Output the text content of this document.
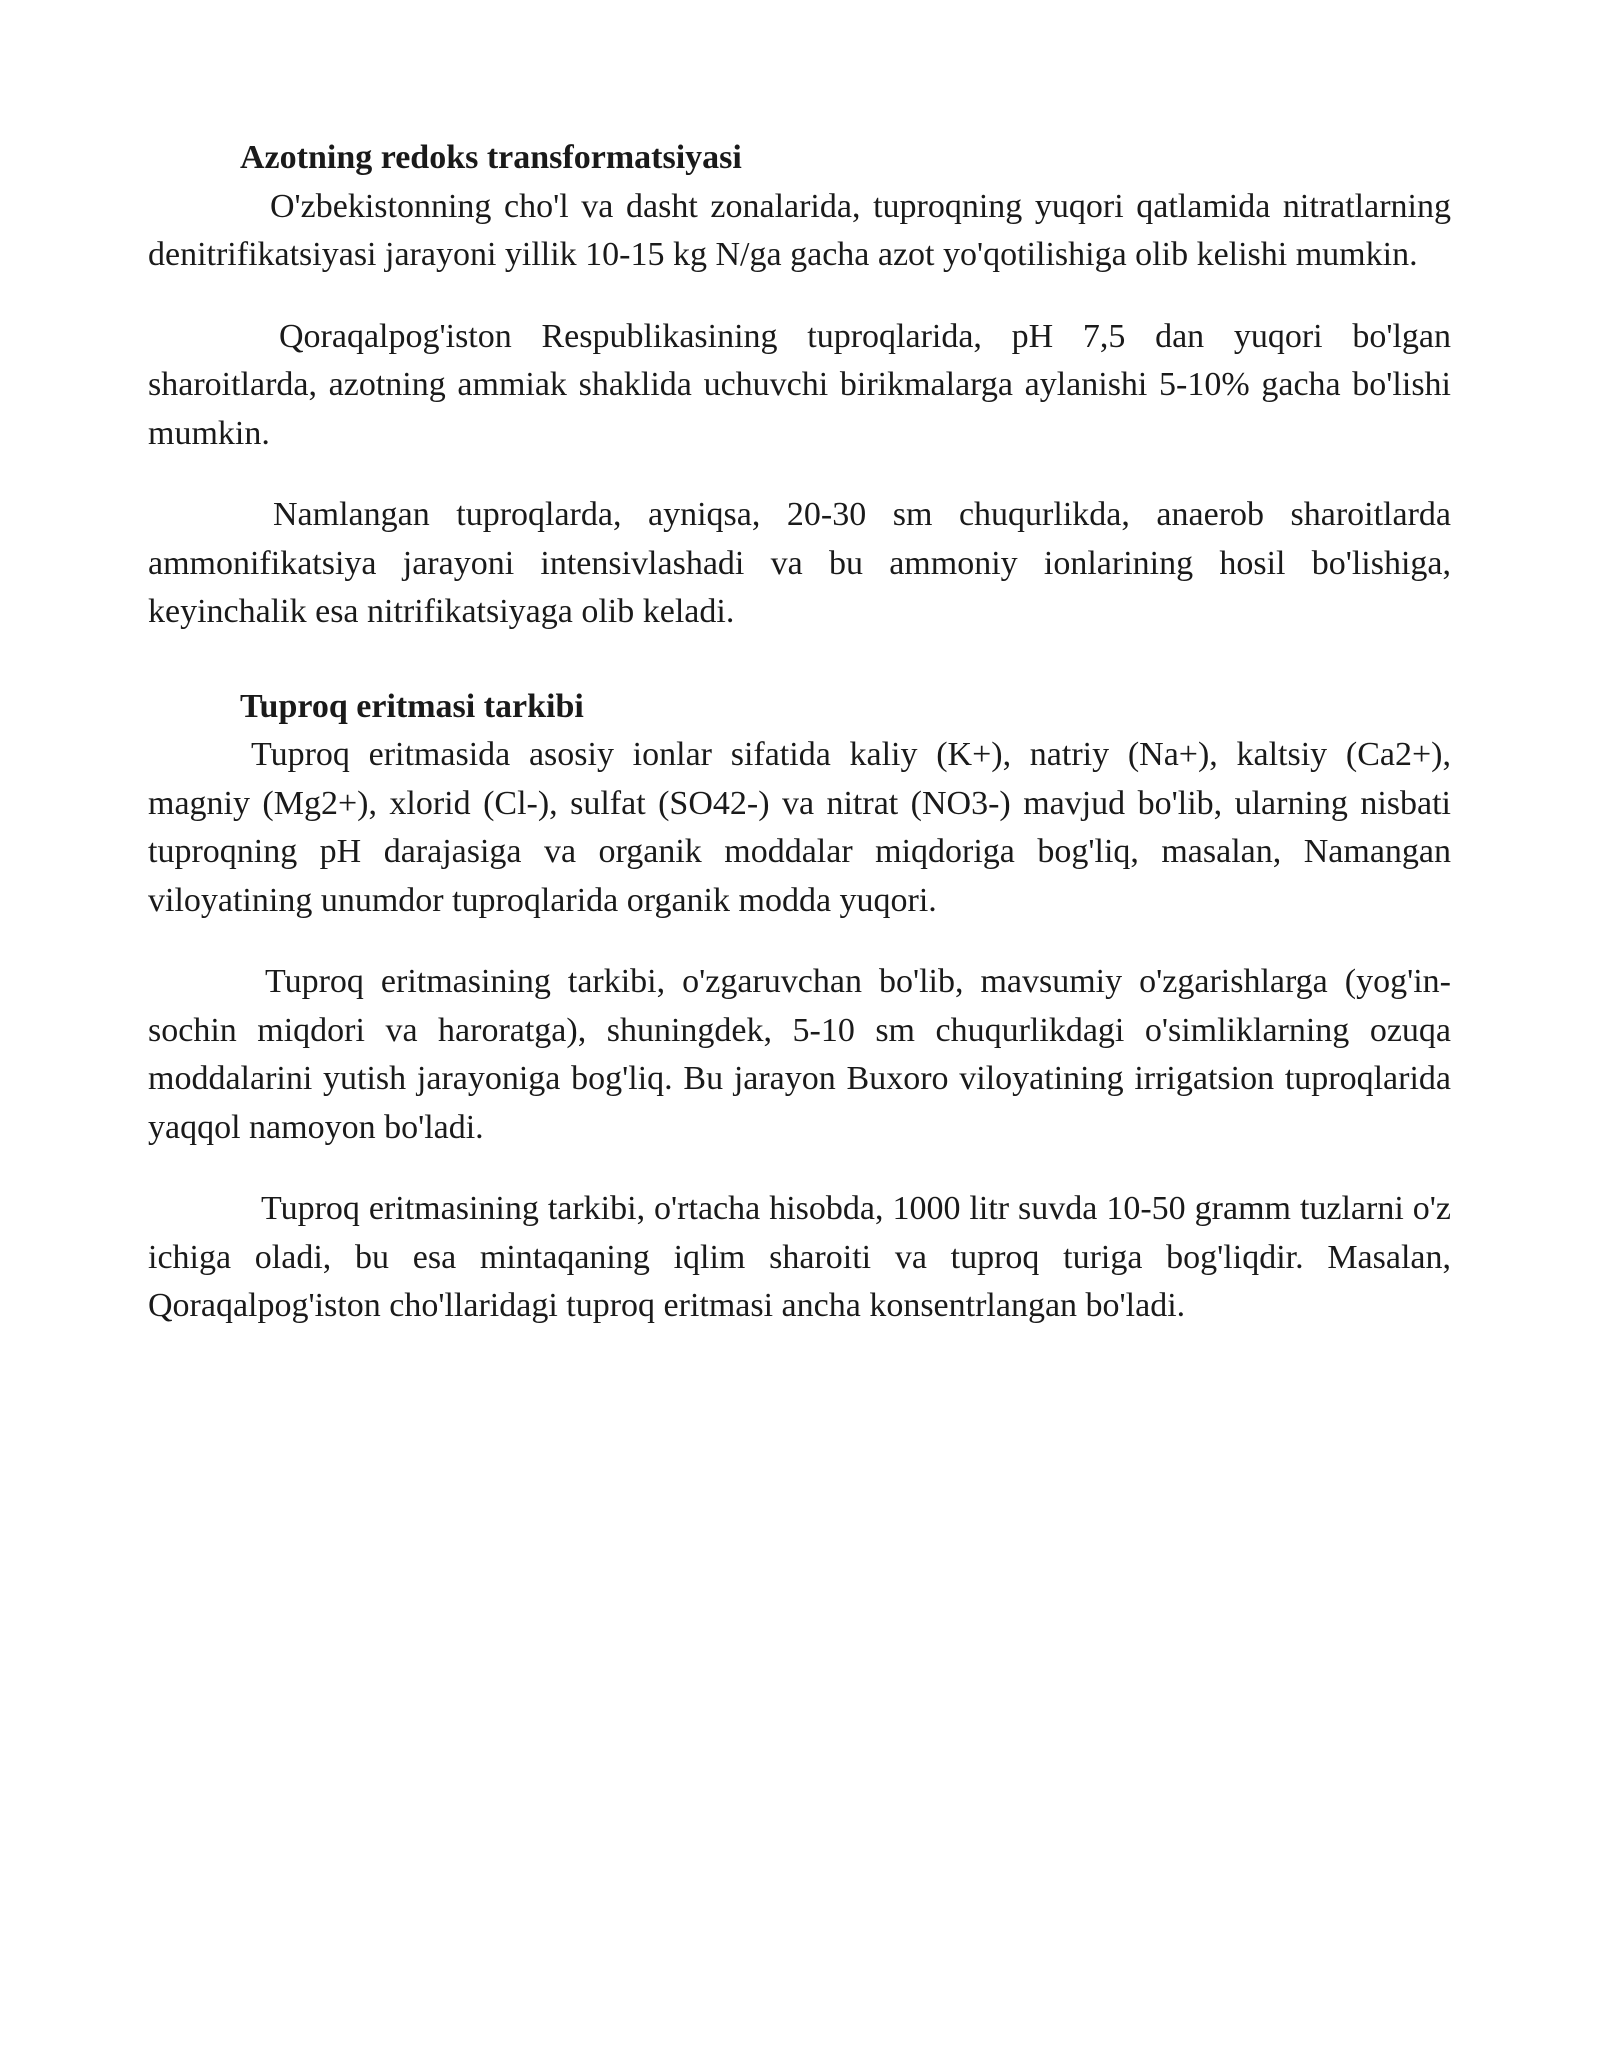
Azotning redoks transformatsiyasi

O'zbekistonning cho'l va dasht zonalarida, tuproqning yuqori qatlamida nitratlarning denitrifikatsiyasi jarayoni yillik 10-15 kg N/ga gacha azot yo'qotilishiga olib kelishi mumkin.

Qoraqalpog'iston Respublikasining tuproqlarida, pH 7,5 dan yuqori bo'lgan sharoitlarda, azotning ammiak shaklida uchuvchi birikmalarga aylanishi 5-10% gacha bo'lishi mumkin.

Namlangan tuproqlarda, ayniqsa, 20-30 sm chuqurlikda, anaerob sharoitlarda ammonifikatsiya jarayoni intensivlashadi va bu ammoniy ionlarining hosil bo'lishiga, keyinchalik esa nitrifikatsiyaga olib keladi.

Tuproq eritmasi tarkibi

Tuproq eritmasida asosiy ionlar sifatida kaliy (K+), natriy (Na+), kaltsiy (Ca2+), magniy (Mg2+), xlorid (Cl-), sulfat (SO42-) va nitrat (NO3-) mavjud bo'lib, ularning nisbati tuproqning pH darajasiga va organik moddalar miqdoriga bog'liq, masalan, Namangan viloyatining unumdor tuproqlarida organik modda yuqori.

Tuproq eritmasining tarkibi, o'zgaruvchan bo'lib, mavsumiy o'zgarishlarga (yog'in-sochin miqdori va haroratga), shuningdek, 5-10 sm chuqurlikdagi o'simliklarning ozuqa moddalarini yutish jarayoniga bog'liq. Bu jarayon Buxoro viloyatining irrigatsion tuproqlarida yaqqol namoyon bo'ladi.

Tuproq eritmasining tarkibi, o'rtacha hisobda, 1000 litr suvda 10-50 gramm tuzlarni o'z ichiga oladi, bu esa mintaqaning iqlim sharoiti va tuproq turiga bog'liqdir. Masalan, Qoraqalpog'iston cho'llaridagi tuproq eritmasi ancha konsentrlangan bo'ladi.
